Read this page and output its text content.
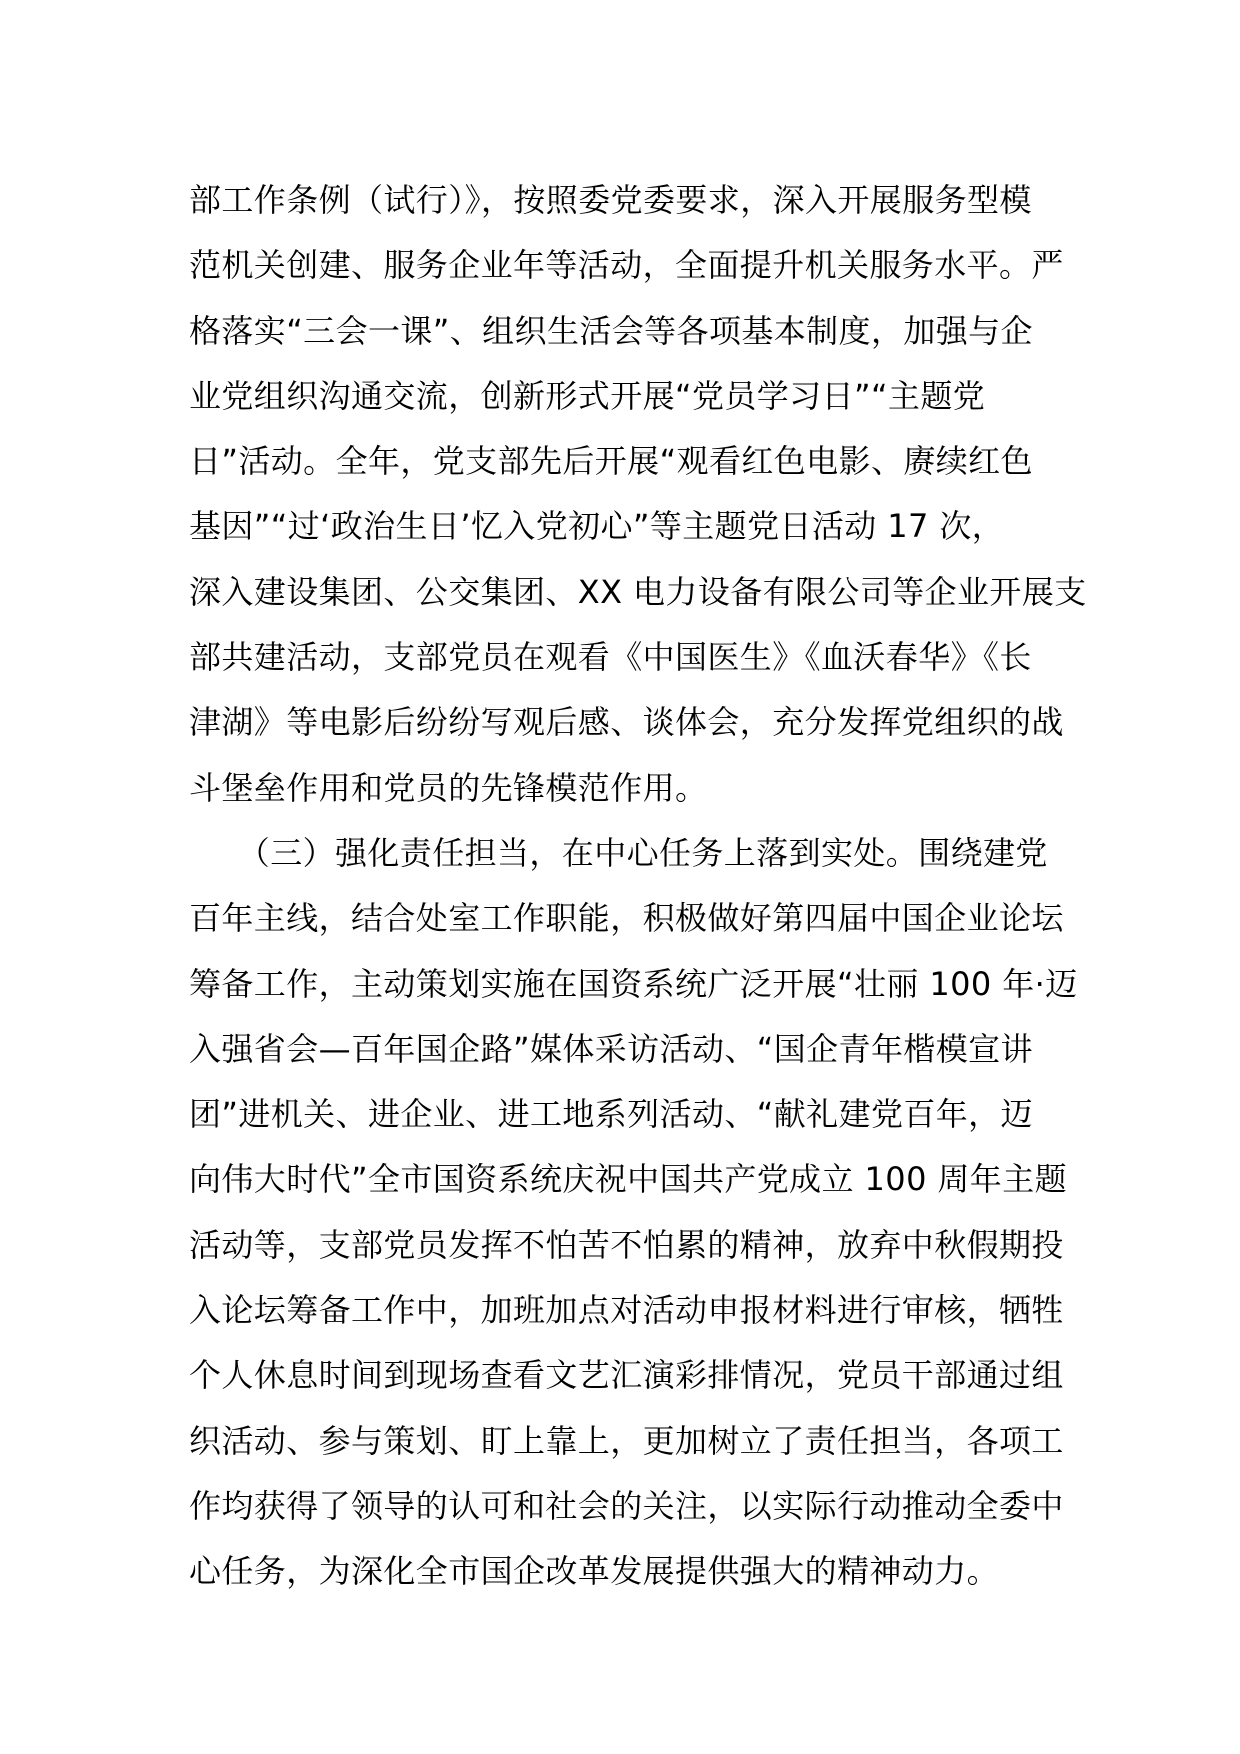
部工作条例（试行）》，按照委党委要求，深入开展服务型模
范机关创建、服务企业年等活动，全面提升机关服务水平。严
格落实“三会一课”、组织生活会等各项基本制度，加强与企
业党组织沟通交流，创新形式开展“党员学习日”“主题党
日”活动。全年，党支部先后开展“观看红色电影、赓续红色
基因”“过‘政治生日’忆入党初心”等主题党日活动 17 次，
深入建设集团、公交集团、XX 电力设备有限公司等企业开展支
部共建活动，支部党员在观看《中国医生》《血沃春华》《长
津湖》等电影后纷纷写观后感、谈体会，充分发挥党组织的战
斗堡垒作用和党员的先锋模范作用。
　　（三）强化责任担当，在中心任务上落到实处。围绕建党
百年主线，结合处室工作职能，积极做好第四届中国企业论坛
筹备工作，主动策划实施在国资系统广泛开展“壮丽 100 年·迈
入强省会—百年国企路”媒体采访活动、“国企青年楷模宣讲
团”进机关、进企业、进工地系列活动、“献礼建党百年，迈
向伟大时代”全市国资系统庆祝中国共产党成立 100 周年主题
活动等，支部党员发挥不怕苦不怕累的精神，放弃中秋假期投
入论坛筹备工作中，加班加点对活动申报材料进行审核，牺牲
个人休息时间到现场查看文艺汇演彩排情况，党员干部通过组
织活动、参与策划、盯上靠上，更加树立了责任担当，各项工
作均获得了领导的认可和社会的关注，以实际行动推动全委中
心任务，为深化全市国企改革发展提供强大的精神动力。
